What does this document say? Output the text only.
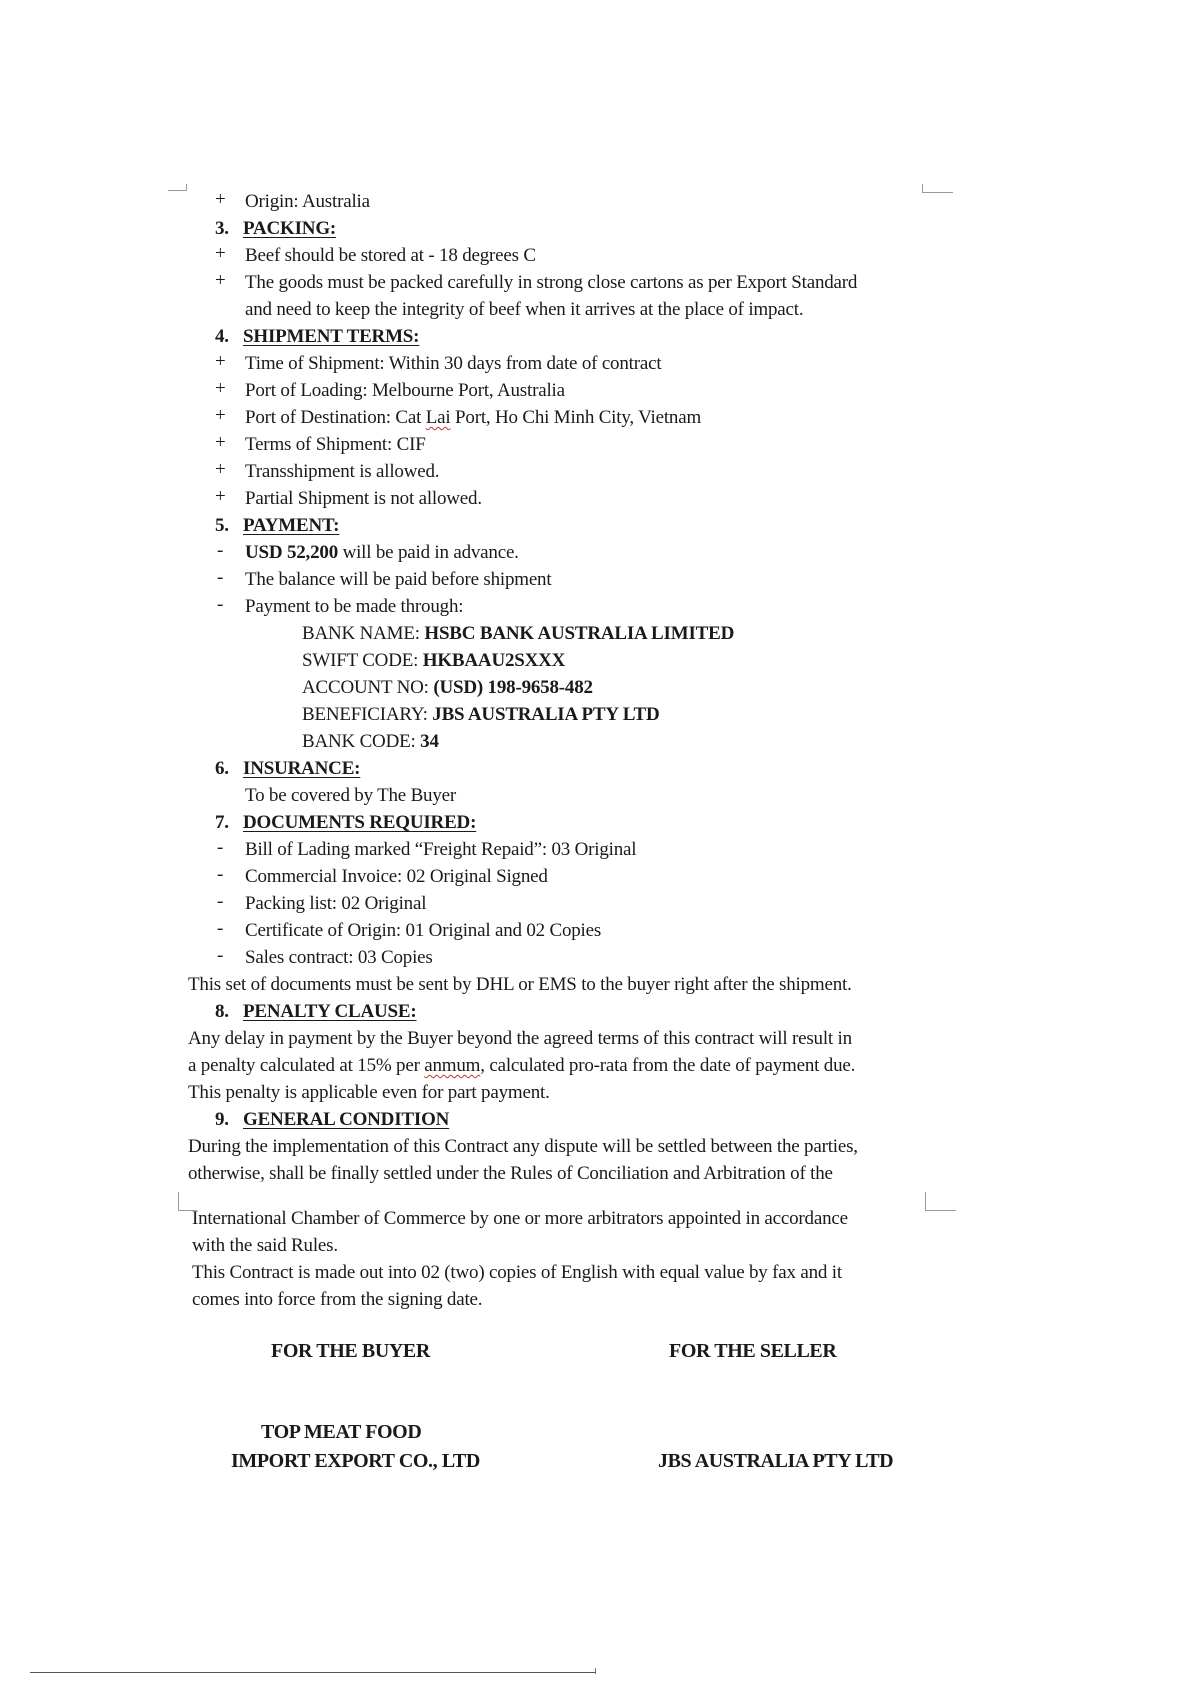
+	Origin: Australia
3. PACKING:
+	Beef should be stored at - 18 degrees C
+	The goods must be packed carefully in strong close cartons as per Export Standard
and need to keep the integrity of beef when it arrives at the place of impact.
4. SHIPMENT TERMS:
+	Time of Shipment: Within 30 days from date of contract
+	Port of Loading: Melbourne Port, Australia
+	Port of Destination: Cat Lai Port, Ho Chi Minh City, Vietnam
+	Terms of Shipment: CIF
+	Transshipment is allowed.
+	Partial Shipment is not allowed.
5. PAYMENT:
-	USD 52,200 will be paid in advance.
-	The balance will be paid before shipment
-	Payment to be made through:
BANK NAME: HSBC BANK AUSTRALIA LIMITED
SWIFT CODE: HKBAAU2SXXX
ACCOUNT NO: (USD) 198-9658-482
BENEFICIARY: JBS AUSTRALIA PTY LTD
BANK CODE: 34
6. INSURANCE:
To be covered by The Buyer
7. DOCUMENTS REQUIRED:
-	Bill of Lading marked “Freight Repaid”: 03 Original
-	Commercial Invoice: 02 Original Signed
-	Packing list: 02 Original
-	Certificate of Origin: 01 Original and 02 Copies
-	Sales contract: 03 Copies
This set of documents must be sent by DHL or EMS to the buyer right after the shipment.
8. PENALTY CLAUSE:
Any delay in payment by the Buyer beyond the agreed terms of this contract will result in
a penalty calculated at 15% per anmum, calculated pro-rata from the date of payment due.
This penalty is applicable even for part payment.
9. GENERAL CONDITION
During the implementation of this Contract any dispute will be settled between the parties,
otherwise, shall be finally settled under the Rules of Conciliation and Arbitration of the
International Chamber of Commerce by one or more arbitrators appointed in accordance
with the said Rules.
This Contract is made out into 02 (two) copies of English with equal value by fax and it
comes into force from the signing date.
FOR THE BUYER	FOR THE SELLER
TOP MEAT FOOD
IMPORT EXPORT CO., LTD	JBS AUSTRALIA PTY LTD
